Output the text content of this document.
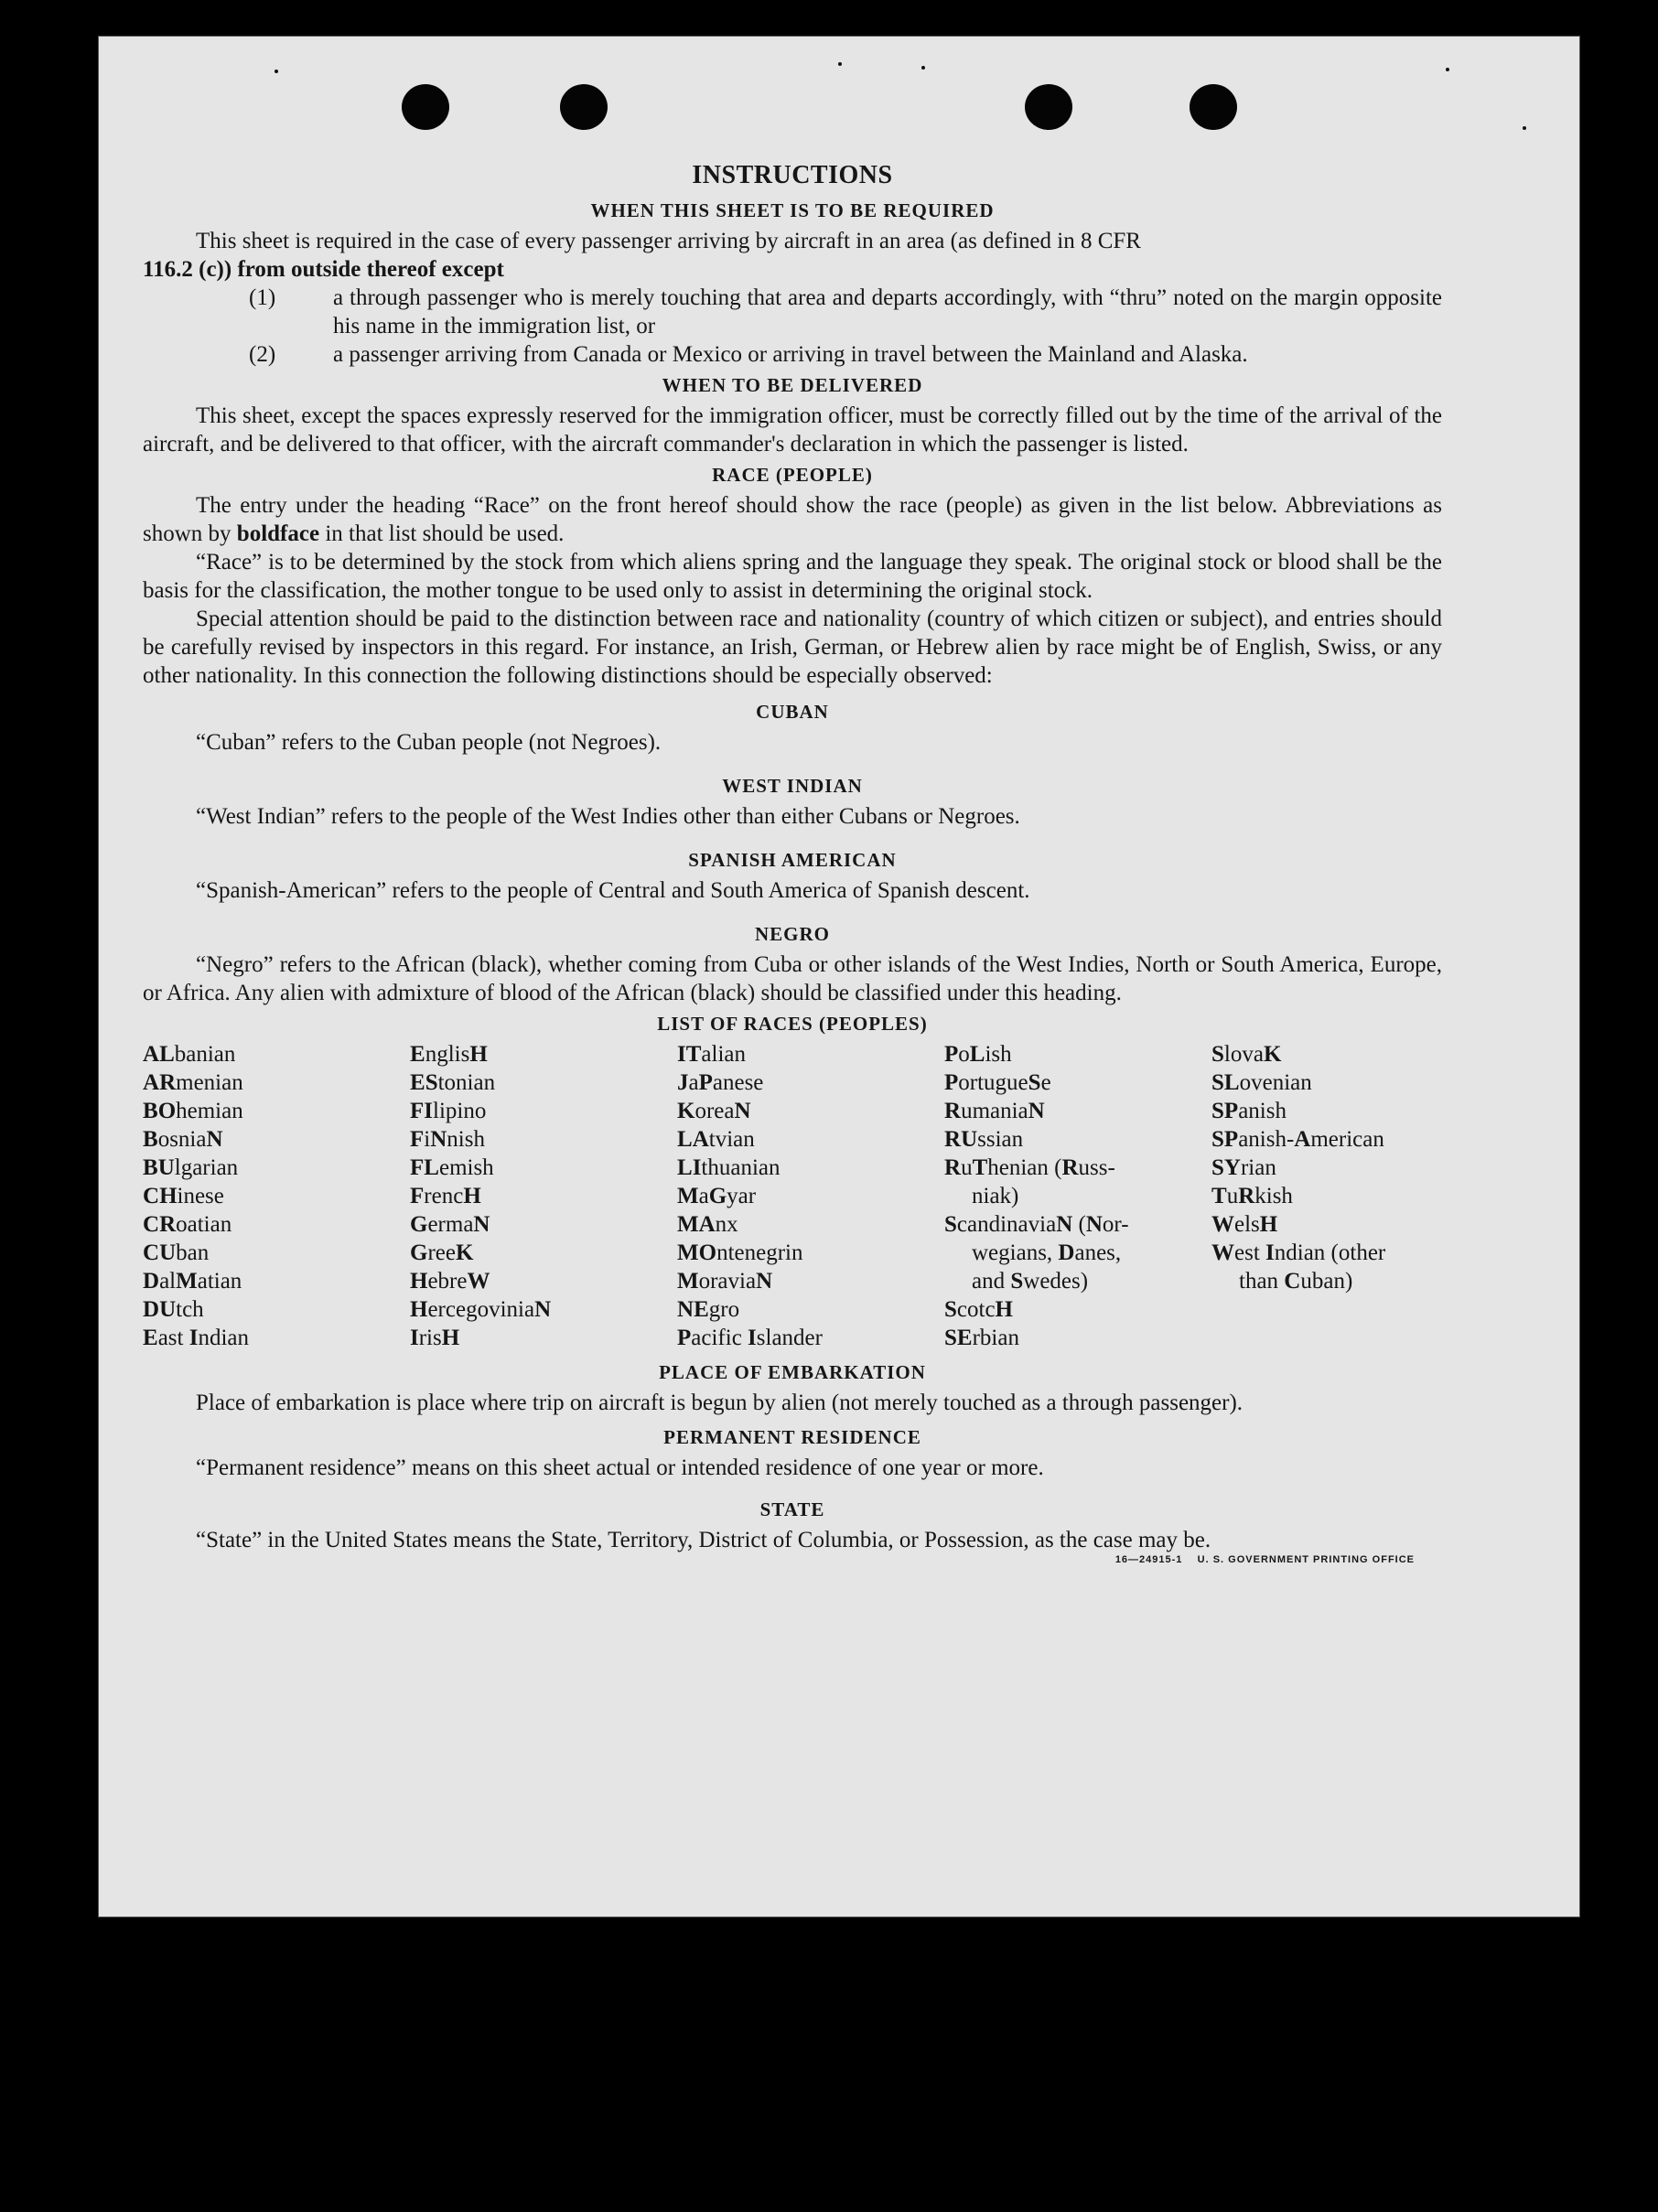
INSTRUCTIONS
WHEN THIS SHEET IS TO BE REQUIRED

This sheet is required in the case of every passenger arriving by aircraft in an area (as defined in 8 CFR

116.2 (c)) from outside thereof except

(1)	a through passenger who is merely touching that area and departs accordingly, with “thru” noted on the margin opposite his name in the immigration list, or
(2)	a passenger arriving from Canada or Mexico or arriving in travel between the Mainland and Alaska.
WHEN TO BE DELIVERED

This sheet, except the spaces expressly reserved for the immigration officer, must be correctly filled out by the time of the arrival of the aircraft, and be delivered to that officer, with the aircraft commander's declaration in which the passenger is listed.

RACE (PEOPLE)

The entry under the heading “Race” on the front hereof should show the race (people) as given in the list below. Abbreviations as shown by boldface in that list should be used.

“Race” is to be determined by the stock from which aliens spring and the language they speak. The original stock or blood shall be the basis for the classification, the mother tongue to be used only to assist in determining the original stock.

Special attention should be paid to the distinction between race and nationality (country of which citizen or subject), and entries should be carefully revised by inspectors in this regard. For instance, an Irish, German, or Hebrew alien by race might be of English, Swiss, or any other nationality. In this connection the following distinctions should be especially observed:

CUBAN

“Cuban” refers to the Cuban people (not Negroes).

WEST INDIAN

“West Indian” refers to the people of the West Indies other than either Cubans or Negroes.

SPANISH AMERICAN

“Spanish-American” refers to the people of Central and South America of Spanish descent.

NEGRO

“Negro” refers to the African (black), whether coming from Cuba or other islands of the West Indies, North or South America, Europe, or Africa. Any alien with admixture of blood of the African (black) should be classified under this heading.

LIST OF RACES (PEOPLES)
ALbanian
ARmenian
BOhemian
BosniaN
BUlgarian
CHinese
CRoatian
CUban
DalMatian
DUtch
East Indian
EnglisH
EStonian
FIlipino
FiNnish
FLemish
FrencH
GermaN
GreeK
HebreW
HercegoviniaN
IrisH
ITalian
JaPanese
KoreaN
LAtvian
LIthuanian
MaGyar
MAnx
MOntenegrin
MoraviaN
NEgro
Pacific Islander
PoLish
PortugueSe
RumaniaN
RUssian
RuThenian (Russ-
niak)
ScandinaviaN (Nor-
wegians, Danes,
and Swedes)
ScotcH
SErbian
SlovaK
SLovenian
SPanish
SPanish-American
SYrian
TuRkish
WelsH
West Indian (other
than Cuban)
PLACE OF EMBARKATION

Place of embarkation is place where trip on aircraft is begun by alien (not merely touched as a through passenger).

PERMANENT RESIDENCE

“Permanent residence” means on this sheet actual or intended residence of one year or more.

STATE

“State” in the United States means the State, Territory, District of Columbia, or Possession, as the case may be.

16—24915-1 U. S. GOVERNMENT PRINTING OFFICE
